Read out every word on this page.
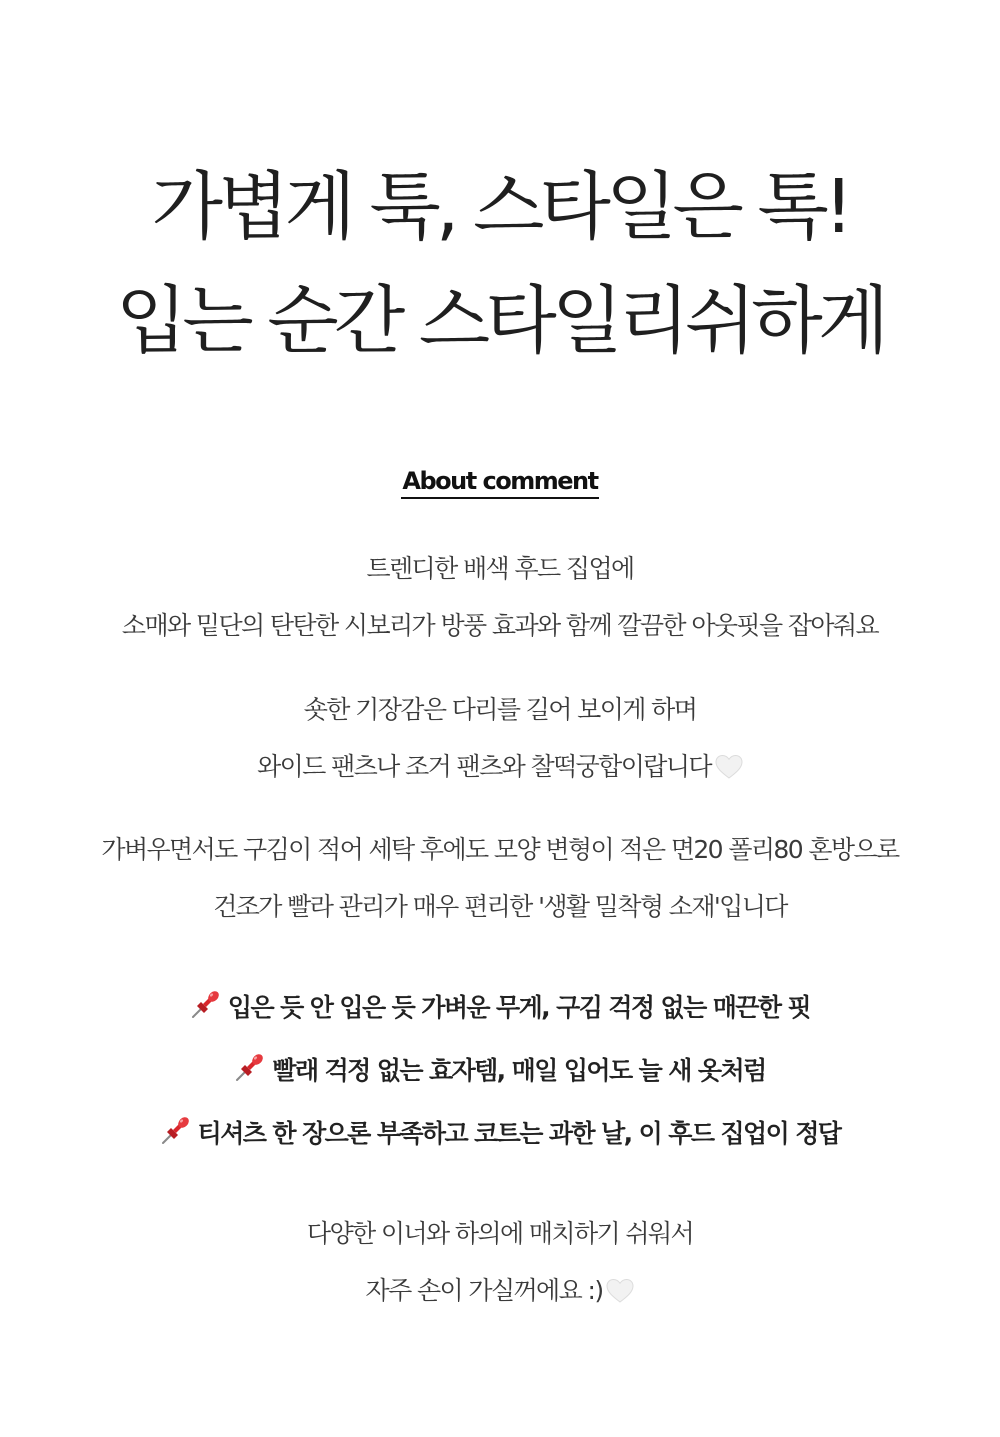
가볍게 툭, 스타일은 톡!
입는 순간 스타일리쉬하게
About comment
트렌디한 배색 후드 집업에
소매와 밑단의 탄탄한 시보리가 방풍 효과와 함께 깔끔한 아웃핏을 잡아줘요
숏한 기장감은 다리를 길어 보이게 하며
와이드 팬츠나 조거 팬츠와 찰떡궁합이랍니다
가벼우면서도 구김이 적어 세탁 후에도 모양 변형이 적은 면20 폴리80 혼방으로
건조가 빨라 관리가 매우 편리한 '생활 밀착형 소재'입니다
입은 듯 안 입은 듯 가벼운 무게, 구김 걱정 없는 매끈한 핏
빨래 걱정 없는 효자템, 매일 입어도 늘 새 옷처럼
티셔츠 한 장으론 부족하고 코트는 과한 날, 이 후드 집업이 정답
다양한 이너와 하의에 매치하기 쉬워서
자주 손이 가실꺼에요 :)
